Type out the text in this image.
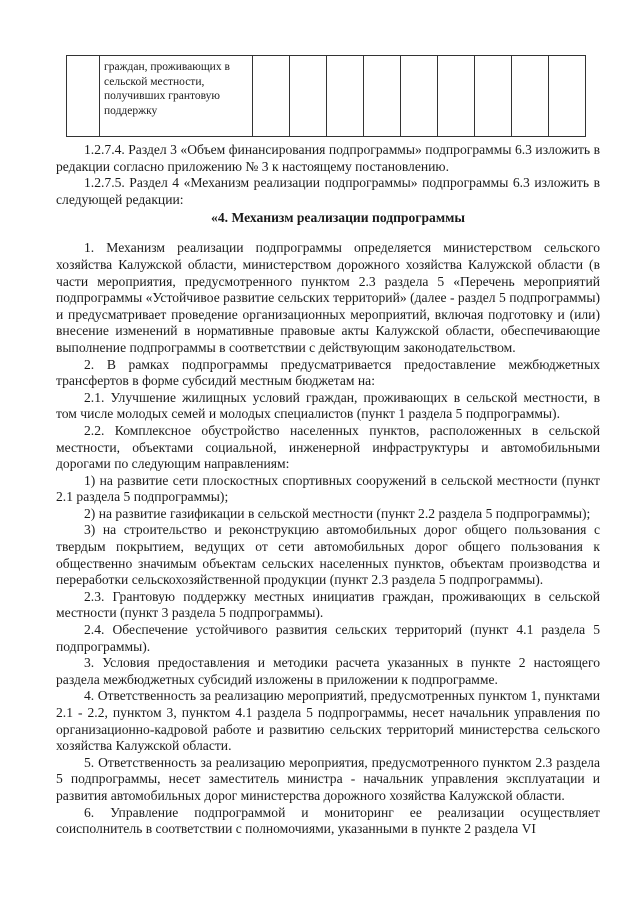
	граждан, проживающих в сельской местности, получивших грантовую поддержку									

1.2.7.4. Раздел 3 «Объем финансирования подпрограммы» подпрограммы 6.3 изложить в редакции согласно приложению № 3 к настоящему постановлению.

1.2.7.5. Раздел 4 «Механизм реализации подпрограммы» подпрограммы 6.3 изложить в следующей редакции:

«4. Механизм реализации подпрограммы

1. Механизм реализации подпрограммы определяется министерством сельского хозяйства Калужской области, министерством дорожного хозяйства Калужской области (в части мероприятия, предусмотренного пунктом 2.3 раздела 5 «Перечень мероприятий подпрограммы «Устойчивое развитие сельских территорий» (далее - раздел 5 подпрограммы) и предусматривает проведение организационных мероприятий, включая подготовку и (или) внесение изменений в нормативные правовые акты Калужской области, обеспечивающие выполнение подпрограммы в соответствии с действующим законодательством.

2. В рамках подпрограммы предусматривается предоставление межбюджетных трансфертов в форме субсидий местным бюджетам на:

2.1. Улучшение жилищных условий граждан, проживающих в сельской местности, в том числе молодых семей и молодых специалистов (пункт 1 раздела 5 подпрограммы).

2.2. Комплексное обустройство населенных пунктов, расположенных в сельской местности, объектами социальной, инженерной инфраструктуры и автомобильными дорогами по следующим направлениям:

1) на развитие сети плоскостных спортивных сооружений в сельской местности (пункт 2.1 раздела 5 подпрограммы);

2) на развитие газификации в сельской местности (пункт 2.2 раздела 5 подпрограммы);

3) на строительство и реконструкцию автомобильных дорог общего пользования с твердым покрытием, ведущих от сети автомобильных дорог общего пользования к общественно значимым объектам сельских населенных пунктов, объектам производства и переработки сельскохозяйственной продукции (пункт 2.3 раздела 5 подпрограммы).

2.3. Грантовую поддержку местных инициатив граждан, проживающих в сельской местности (пункт 3 раздела 5 подпрограммы).

2.4. Обеспечение устойчивого развития сельских территорий (пункт 4.1 раздела 5 подпрограммы).

3. Условия предоставления и методики расчета указанных в пункте 2 настоящего раздела межбюджетных субсидий изложены в приложении к подпрограмме.

4. Ответственность за реализацию мероприятий, предусмотренных пунктом 1, пунктами 2.1 - 2.2, пунктом 3, пунктом 4.1 раздела 5 подпрограммы, несет начальник управления по организационно-кадровой работе и развитию сельских территорий министерства сельского хозяйства Калужской области.

5. Ответственность за реализацию мероприятия, предусмотренного пунктом 2.3 раздела 5 подпрограммы, несет заместитель министра - начальник управления эксплуатации и развития автомобильных дорог министерства дорожного хозяйства Калужской области.

6. Управление подпрограммой и мониторинг ее реализации осуществляет соисполнитель в соответствии с полномочиями, указанными в пункте 2 раздела VI
